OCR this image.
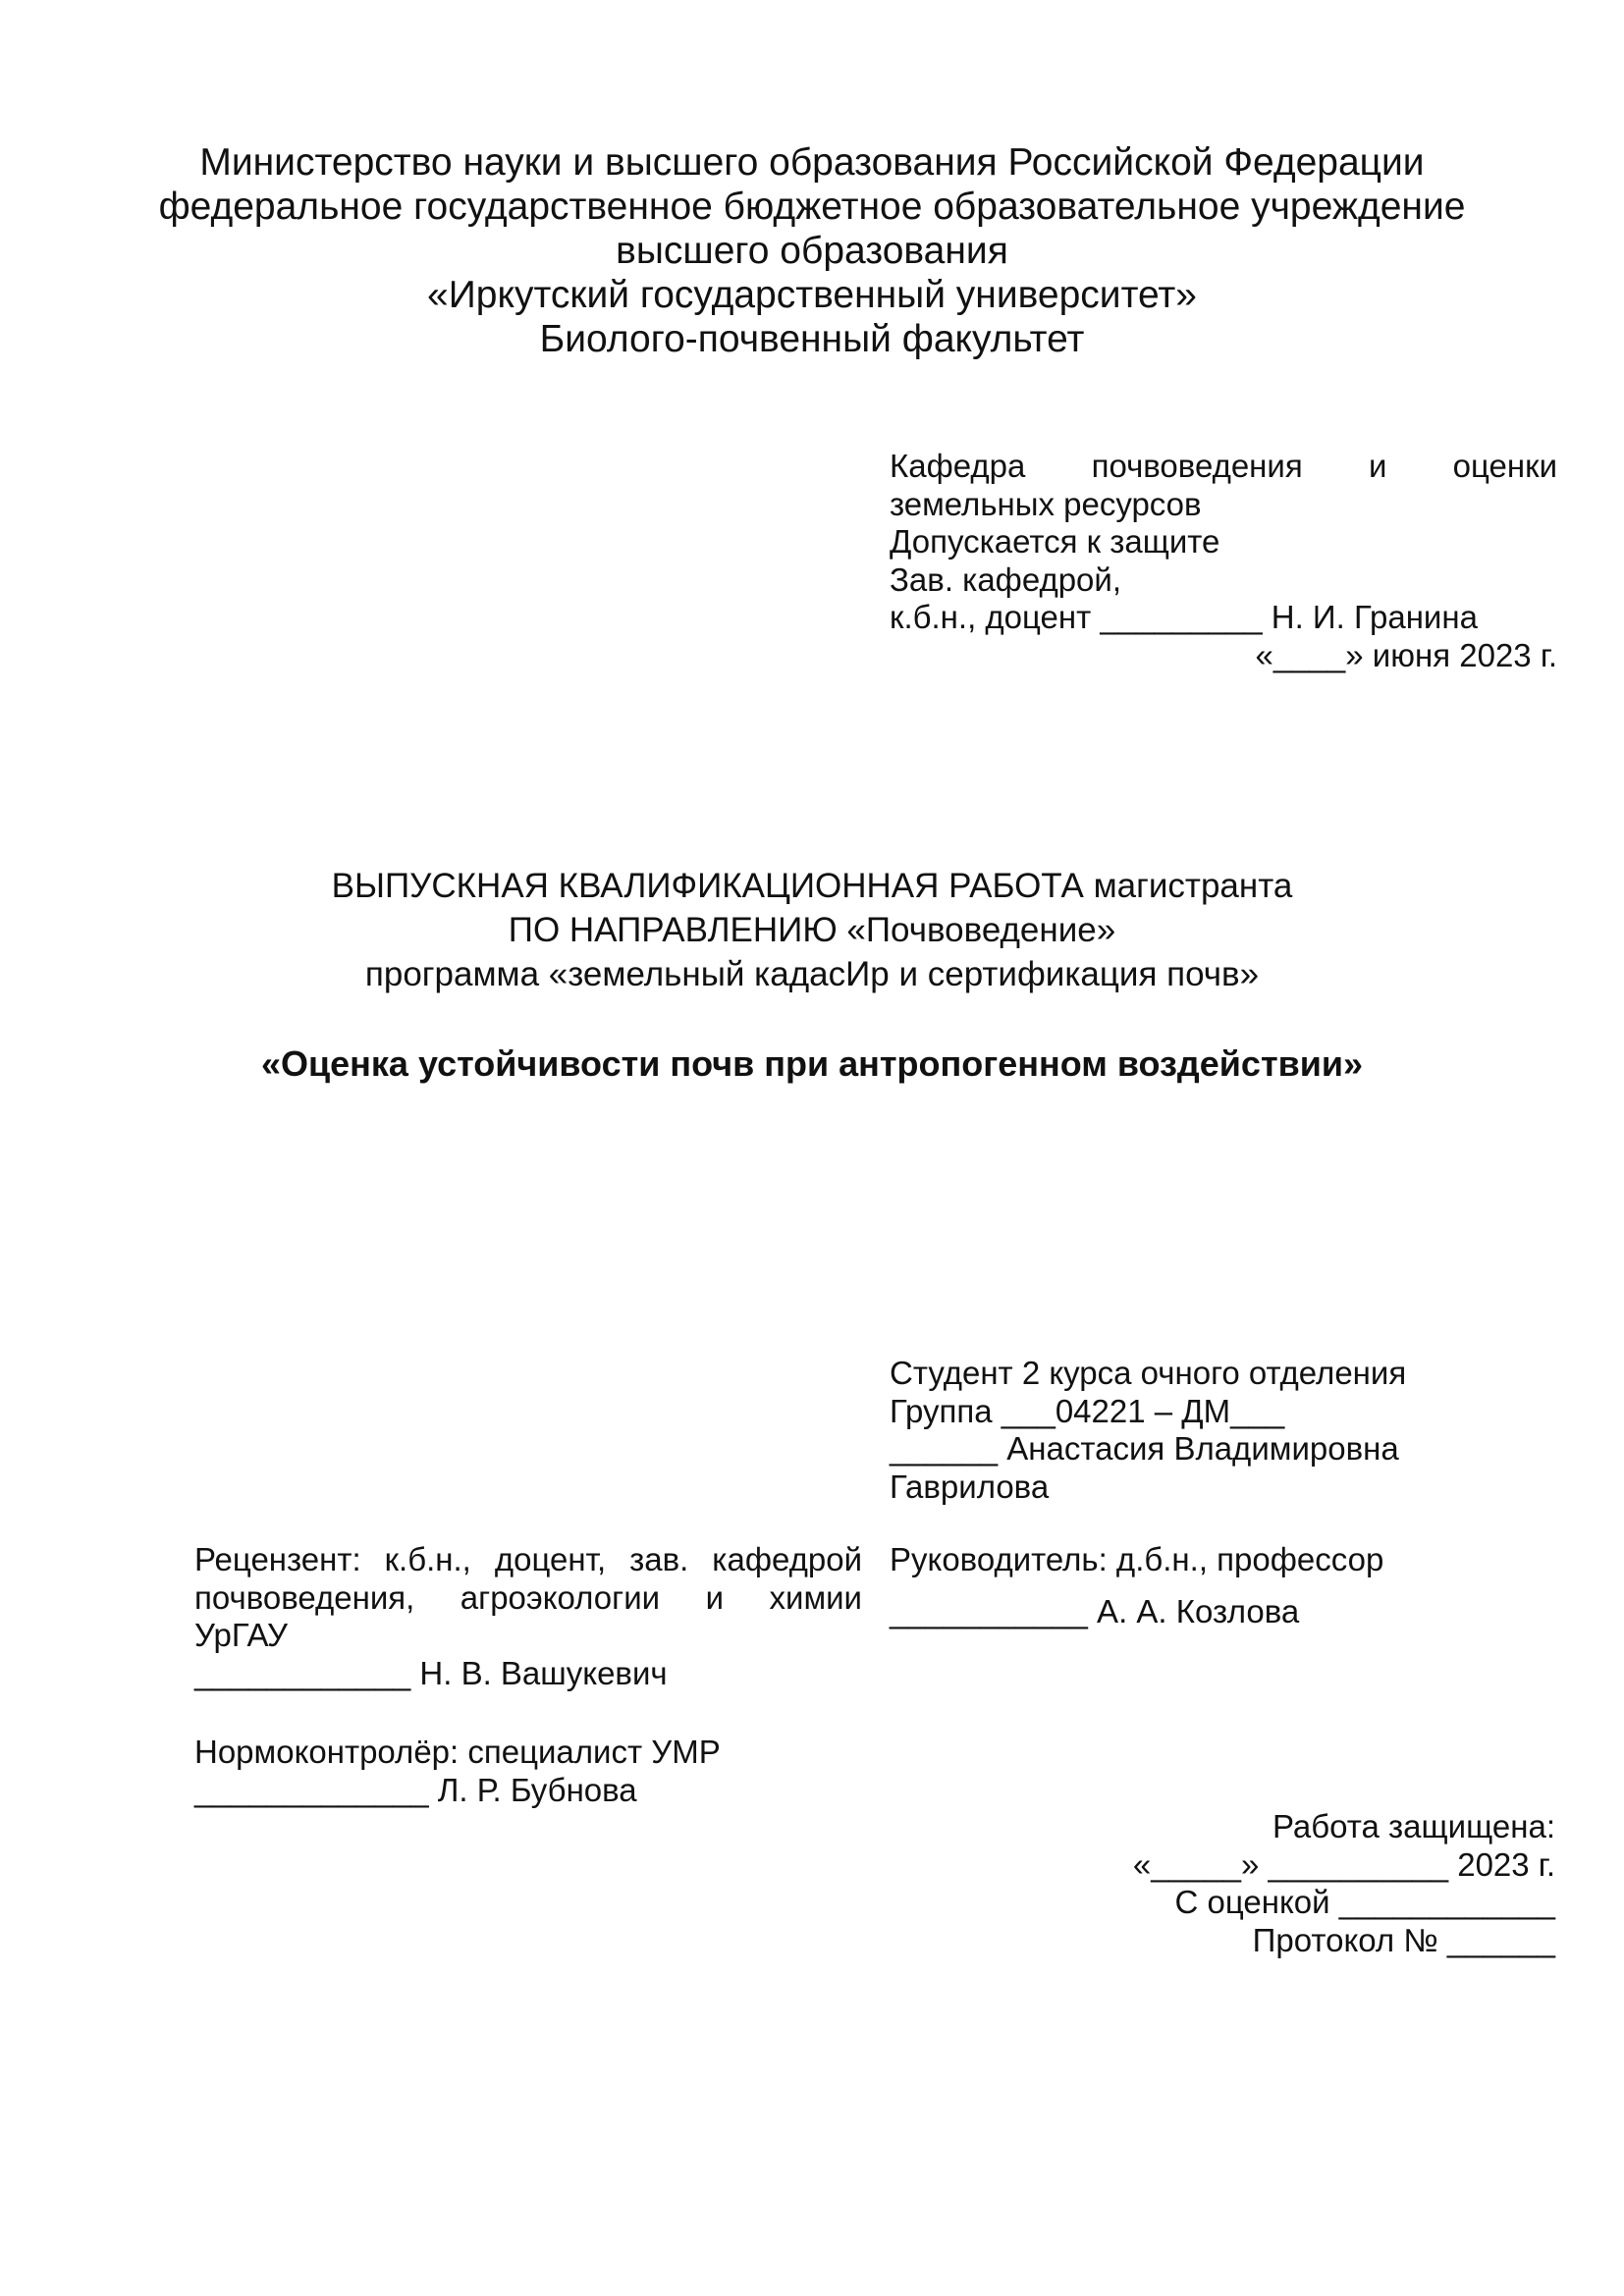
Министерство науки и высшего образования Российской Федерации
федеральное государственное бюджетное образовательное учреждение
высшего образования
«Иркутский государственный университет»
Биолого-почвенный факультет
Кафедра почвоведения и оценки
земельных ресурсов
Допускается к защите
Зав. кафедрой,
к.б.н., доцент _________ Н. И. Гранина
«____» июня 2023 г.
ВЫПУСКНАЯ КВАЛИФИКАЦИОННАЯ РАБОТА магистранта
ПО НАПРАВЛЕНИЮ «Почвоведение»
программа «земельный кадасИр и сертификация почв»
«Оценка устойчивости почв при антропогенном воздействии»
Студент 2 курса очного отделения
Группа ___04221 – ДМ___
______ Анастасия Владимировна
Гаврилова
Руководитель: д.б.н., профессор
___________ А. А. Козлова
Рецензент: к.б.н., доцент, зав. кафедрой
почвоведения, агроэкологии и химии
УрГАУ
____________ Н. В. Вашукевич
Нормоконтролёр: специалист УМР
_____________ Л. Р. Бубнова
Работа защищена:
«_____» __________ 2023 г.
С оценкой ____________
Протокол № ______
